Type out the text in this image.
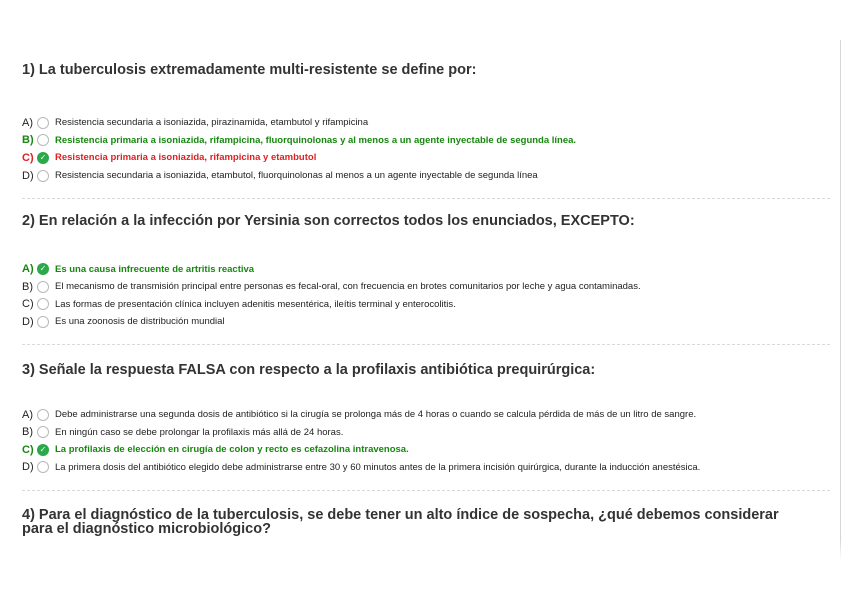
1) La tuberculosis extremadamente multi-resistente se define por:
A)	Resistencia secundaria a isoniazida, pirazinamida, etambutol y rifampicina
B)	Resistencia primaria a isoniazida, rifampicina, fluorquinolonas y al menos a un agente inyectable de segunda línea.
C) ✓ Resistencia primaria a isoniazida, rifampicina y etambutol
D)	Resistencia secundaria a isoniazida, etambutol, fluorquinolonas al menos a un agente inyectable de segunda línea
2) En relación a la infección por Yersinia son correctos todos los enunciados, EXCEPTO:
A) ✓ Es una causa infrecuente de artritis reactiva
B)	El mecanismo de transmisión principal entre personas es fecal-oral, con frecuencia en brotes comunitarios por leche y agua contaminadas.
C)	Las formas de presentación clínica incluyen adenitis mesentérica, ileítis terminal y enterocolitis.
D)	Es una zoonosis de distribución mundial
3) Señale la respuesta FALSA con respecto a la profilaxis antibiótica prequirúrgica:
A)	Debe administrarse una segunda dosis de antibiótico si la cirugía se prolonga más de 4 horas o cuando se calcula pérdida de más de un litro de sangre.
B)	En ningún caso se debe prolongar la profilaxis más allá de 24 horas.
C) ✓ La profilaxis de elección en cirugía de colon y recto es cefazolina intravenosa.
D)	La primera dosis del antibiótico elegido debe administrarse entre 30 y 60 minutos antes de la primera incisión quirúrgica, durante la inducción anestésica.
4) Para el diagnóstico de la tuberculosis, se debe tener un alto índice de sospecha, ¿qué debemos considerar para el diagnóstico microbiológico?
